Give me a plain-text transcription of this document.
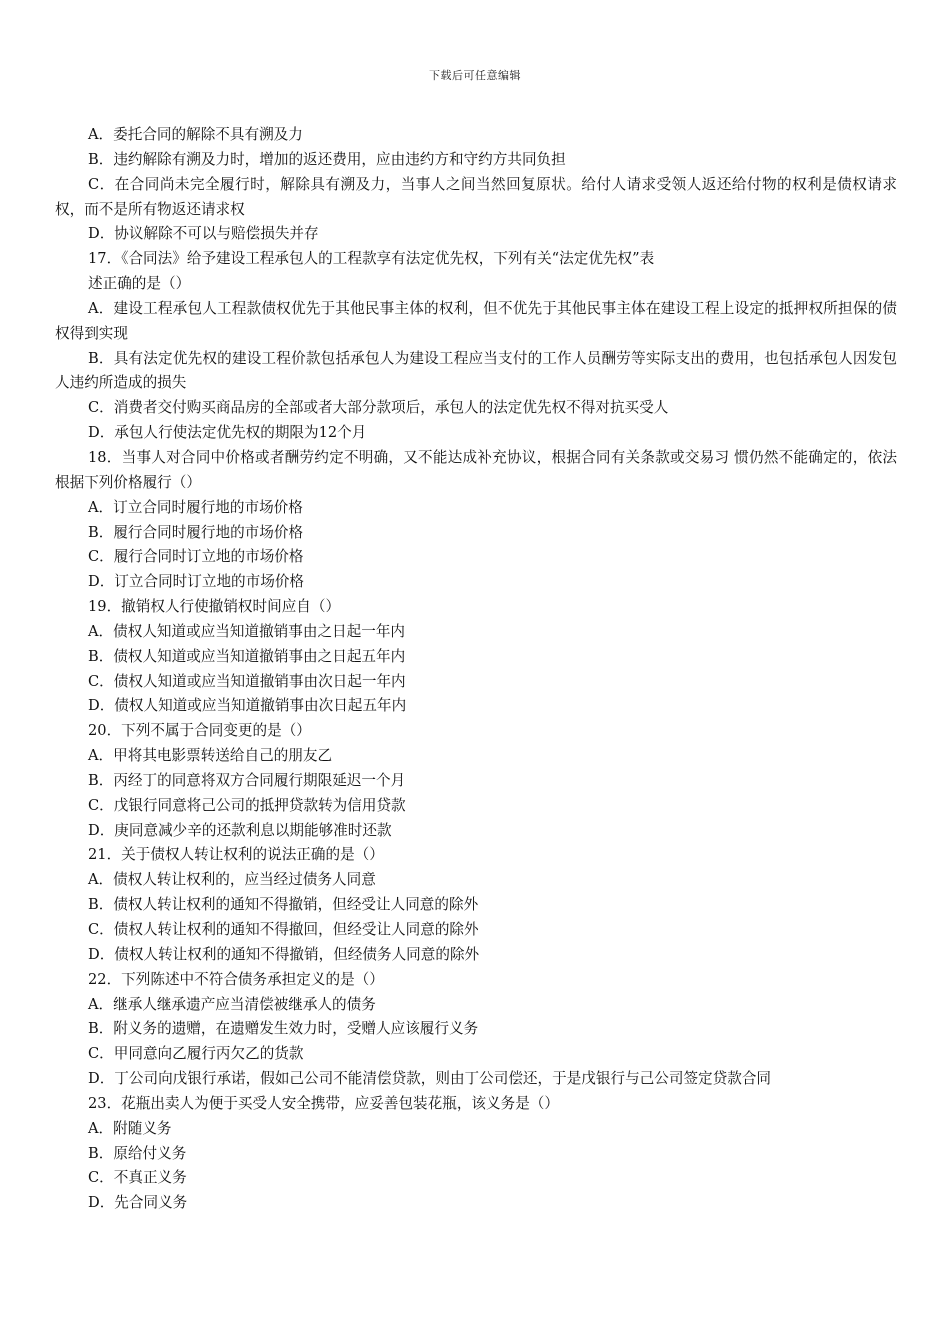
下载后可任意编辑

A．委托合同的解除不具有溯及力

B．违约解除有溯及力时，增加的返还费用，应由违约方和守约方共同负担

C．在合同尚未完全履行时，解除具有溯及力，当事人之间当然回复原状。给付人请求受领人返还给付物的权利是债权请求权，而不是所有物返还请求权

D．协议解除不可以与赔偿损失并存

17．《合同法》给予建设工程承包人的工程款享有法定优先权，下列有关“法定优先权”表

述正确的是（）

A．建设工程承包人工程款债权优先于其他民事主体的权利，但不优先于其他民事主体在建设工程上设定的抵押权所担保的债权得到实现

B．具有法定优先权的建设工程价款包括承包人为建设工程应当支付的工作人员酬劳等实际支出的费用，也包括承包人因发包人违约所造成的损失

C．消费者交付购买商品房的全部或者大部分款项后，承包人的法定优先权不得对抗买受人

D．承包人行使法定优先权的期限为12个月

18．当事人对合同中价格或者酬劳约定不明确，又不能达成补充协议，根据合同有关条款或交易习 惯仍然不能确定的，依法根据下列价格履行（）

A．订立合同时履行地的市场价格

B．履行合同时履行地的市场价格

C．履行合同时订立地的市场价格

D．订立合同时订立地的市场价格

19．撤销权人行使撤销权时间应自（）

A．债权人知道或应当知道撤销事由之日起一年内

B．债权人知道或应当知道撤销事由之日起五年内

C．债权人知道或应当知道撤销事由次日起一年内

D．债权人知道或应当知道撤销事由次日起五年内

20．下列不属于合同变更的是（）

A．甲将其电影票转送给自己的朋友乙

B．丙经丁的同意将双方合同履行期限延迟一个月

C．戊银行同意将己公司的抵押贷款转为信用贷款

D．庚同意减少辛的还款利息以期能够准时还款

21．关于债权人转让权利的说法正确的是（）

A．债权人转让权利的，应当经过债务人同意

B．债权人转让权利的通知不得撤销，但经受让人同意的除外

C．债权人转让权利的通知不得撤回，但经受让人同意的除外

D．债权人转让权利的通知不得撤销，但经债务人同意的除外

22．下列陈述中不符合债务承担定义的是（）

A．继承人继承遗产应当清偿被继承人的债务

B．附义务的遗赠，在遗赠发生效力时，受赠人应该履行义务

C．甲同意向乙履行丙欠乙的货款

D．丁公司向戊银行承诺，假如己公司不能清偿贷款，则由丁公司偿还，于是戊银行与己公司签定贷款合同

23．花瓶出卖人为便于买受人安全携带，应妥善包装花瓶，该义务是（）

A．附随义务

B．原给付义务

C．不真正义务

D．先合同义务
